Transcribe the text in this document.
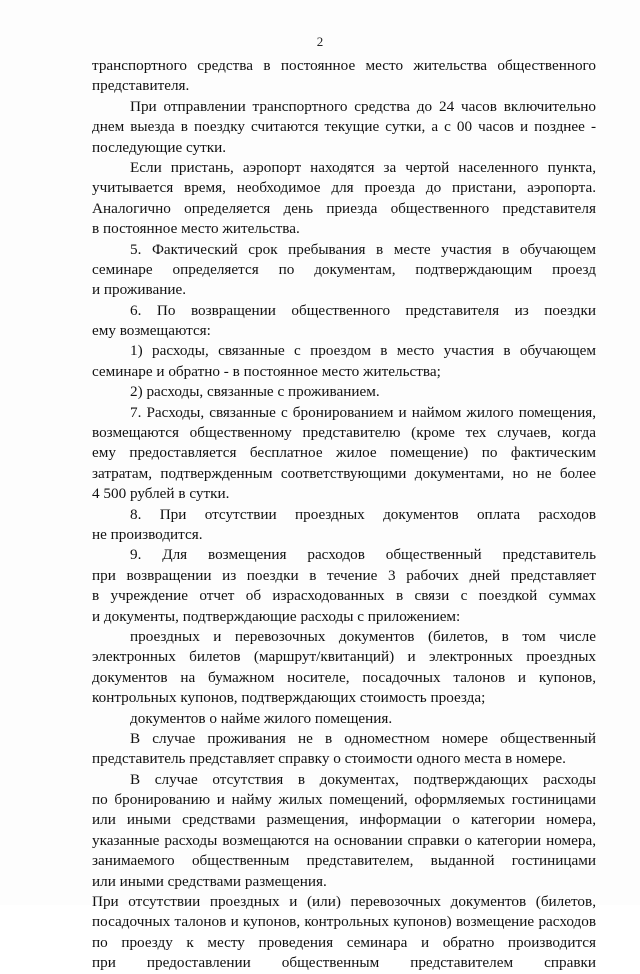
2
транспортного средства в постоянное место жительства общественного
представителя.
При отправлении транспортного средства до 24 часов включительно
днем выезда в поездку считаются текущие сутки, а с 00 часов и позднее -
последующие сутки.
Если пристань, аэропорт находятся за чертой населенного пункта,
учитывается время, необходимое для проезда до пристани, аэропорта.
Аналогично определяется день приезда общественного представителя
в постоянное место жительства.
5. Фактический срок пребывания в месте участия в обучающем
семинаре определяется по документам, подтверждающим проезд
и проживание.
6. По возвращении общественного представителя из поездки
ему возмещаются:
1) расходы, связанные с проездом в место участия в обучающем
семинаре и обратно - в постоянное место жительства;
2) расходы, связанные с проживанием.
7. Расходы, связанные с бронированием и наймом жилого помещения,
возмещаются общественному представителю (кроме тех случаев, когда
ему предоставляется бесплатное жилое помещение) по фактическим
затратам, подтвержденным соответствующими документами, но не более
4 500 рублей в сутки.
8. При отсутствии проездных документов оплата расходов
не производится.
9. Для возмещения расходов общественный представитель
при возвращении из поездки в течение 3 рабочих дней представляет
в учреждение отчет об израсходованных в связи с поездкой суммах
и документы, подтверждающие расходы с приложением:
проездных и перевозочных документов (билетов, в том числе
электронных билетов (маршрут/квитанций) и электронных проездных
документов на бумажном носителе, посадочных талонов и купонов,
контрольных купонов, подтверждающих стоимость проезда;
документов о найме жилого помещения.
В случае проживания не в одноместном номере общественный
представитель представляет справку о стоимости одного места в номере.
В случае отсутствия в документах, подтверждающих расходы
по бронированию и найму жилых помещений, оформляемых гостиницами
или иными средствами размещения, информации о категории номера,
указанные расходы возмещаются на основании справки о категории номера,
занимаемого общественным представителем, выданной гостиницами
или иными средствами размещения.
При отсутствии проездных и (или) перевозочных документов (билетов,
посадочных талонов и купонов, контрольных купонов) возмещение расходов
по проезду к месту проведения семинара и обратно производится
при предоставлении общественным представителем справки
